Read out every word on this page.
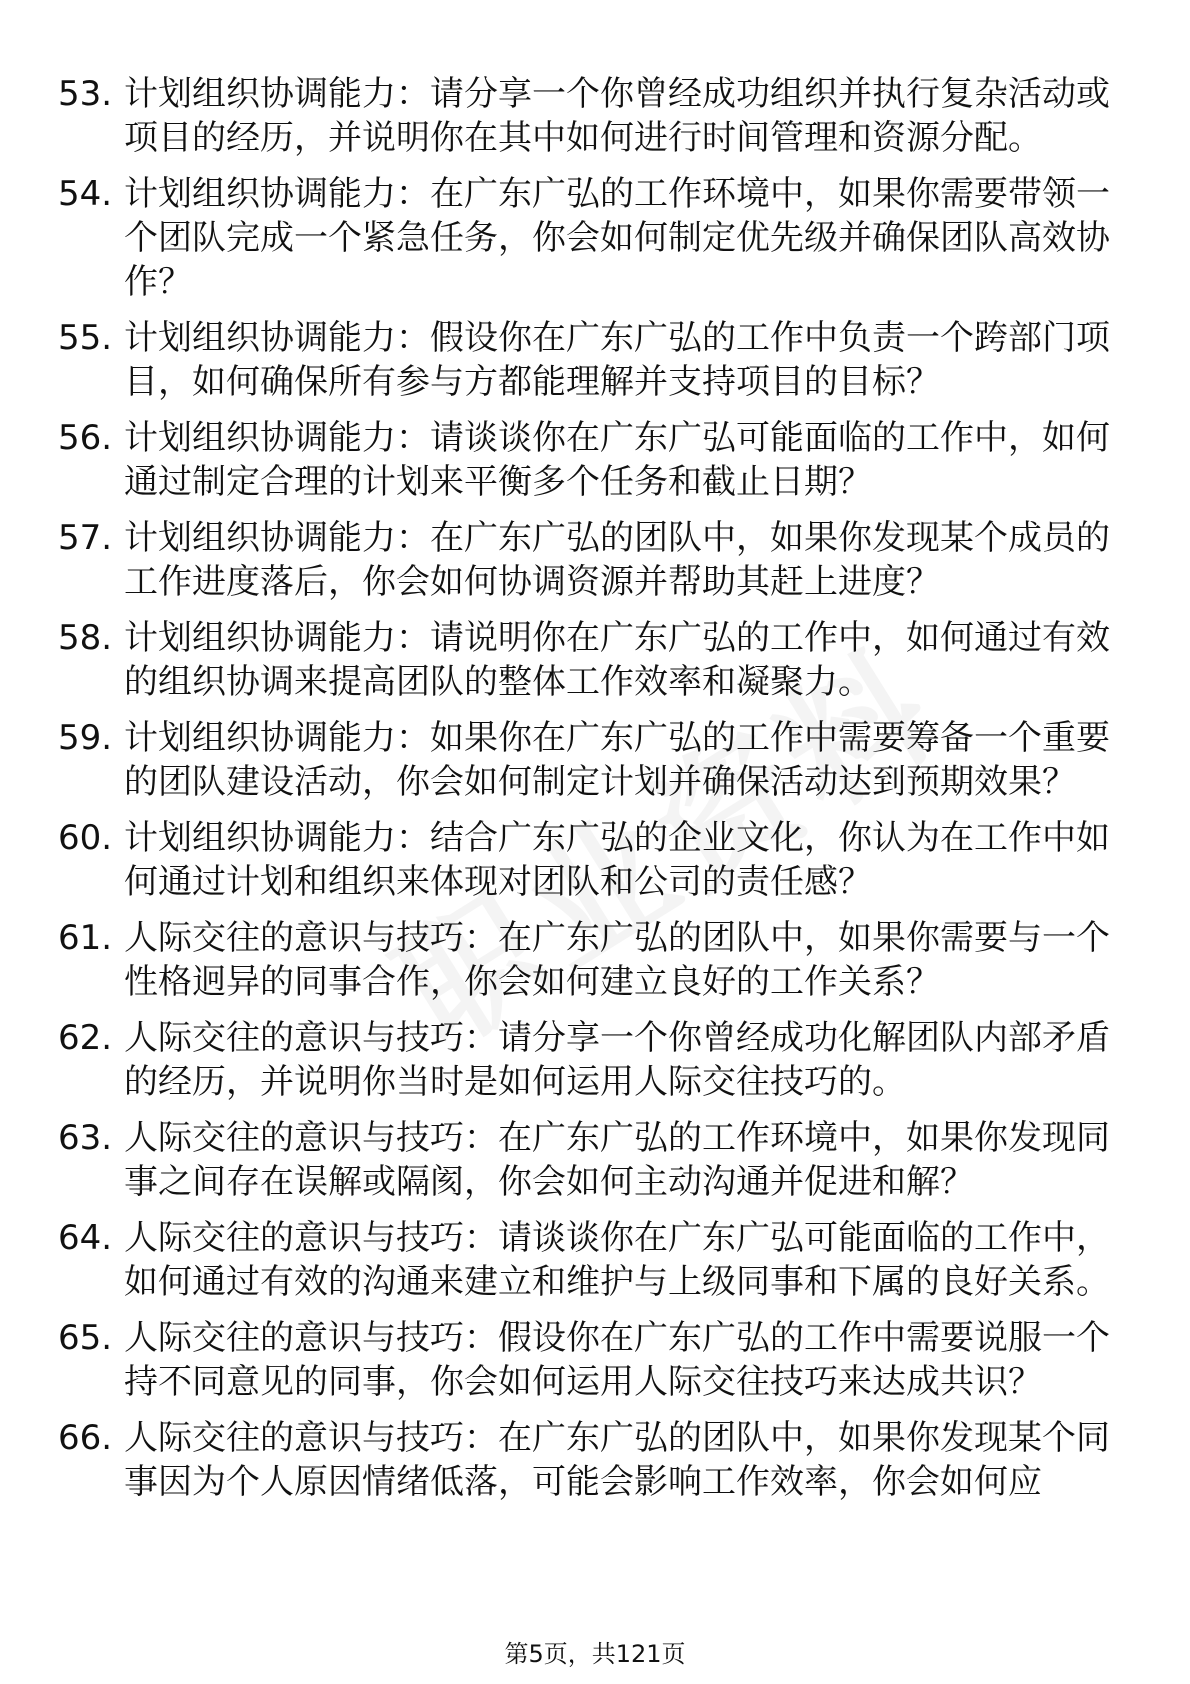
53. 计划组织协调能力：请分享一个你曾经成功组织并执行复杂活动或项目的经历，并说明你在其中如何进行时间管理和资源分配。
54. 计划组织协调能力：在广东广弘的工作环境中，如果你需要带领一个团队完成一个紧急任务，你会如何制定优先级并确保团队高效协作？
55. 计划组织协调能力：假设你在广东广弘的工作中负责一个跨部门项目，如何确保所有参与方都能理解并支持项目的目标？
56. 计划组织协调能力：请谈谈你在广东广弘可能面临的工作中，如何通过制定合理的计划来平衡多个任务和截止日期？
57. 计划组织协调能力：在广东广弘的团队中，如果你发现某个成员的工作进度落后，你会如何协调资源并帮助其赶上进度？
58. 计划组织协调能力：请说明你在广东广弘的工作中，如何通过有效的组织协调来提高团队的整体工作效率和凝聚力。
59. 计划组织协调能力：如果你在广东广弘的工作中需要筹备一个重要的团队建设活动，你会如何制定计划并确保活动达到预期效果？
60. 计划组织协调能力：结合广东广弘的企业文化，你认为在工作中如何通过计划和组织来体现对团队和公司的责任感？
61. 人际交往的意识与技巧：在广东广弘的团队中，如果你需要与一个性格迥异的同事合作，你会如何建立良好的工作关系？
62. 人际交往的意识与技巧：请分享一个你曾经成功化解团队内部矛盾的经历，并说明你当时是如何运用人际交往技巧的。
63. 人际交往的意识与技巧：在广东广弘的工作环境中，如果你发现同事之间存在误解或隔阂，你会如何主动沟通并促进和解？
64. 人际交往的意识与技巧：请谈谈你在广东广弘可能面临的工作中，如何通过有效的沟通来建立和维护与上级同事和下属的良好关系。
65. 人际交往的意识与技巧：假设你在广东广弘的工作中需要说服一个持不同意见的同事，你会如何运用人际交往技巧来达成共识？
66. 人际交往的意识与技巧：在广东广弘的团队中，如果你发现某个同事因为个人原因情绪低落，可能会影响工作效率，你会如何应
第5页，共121页
